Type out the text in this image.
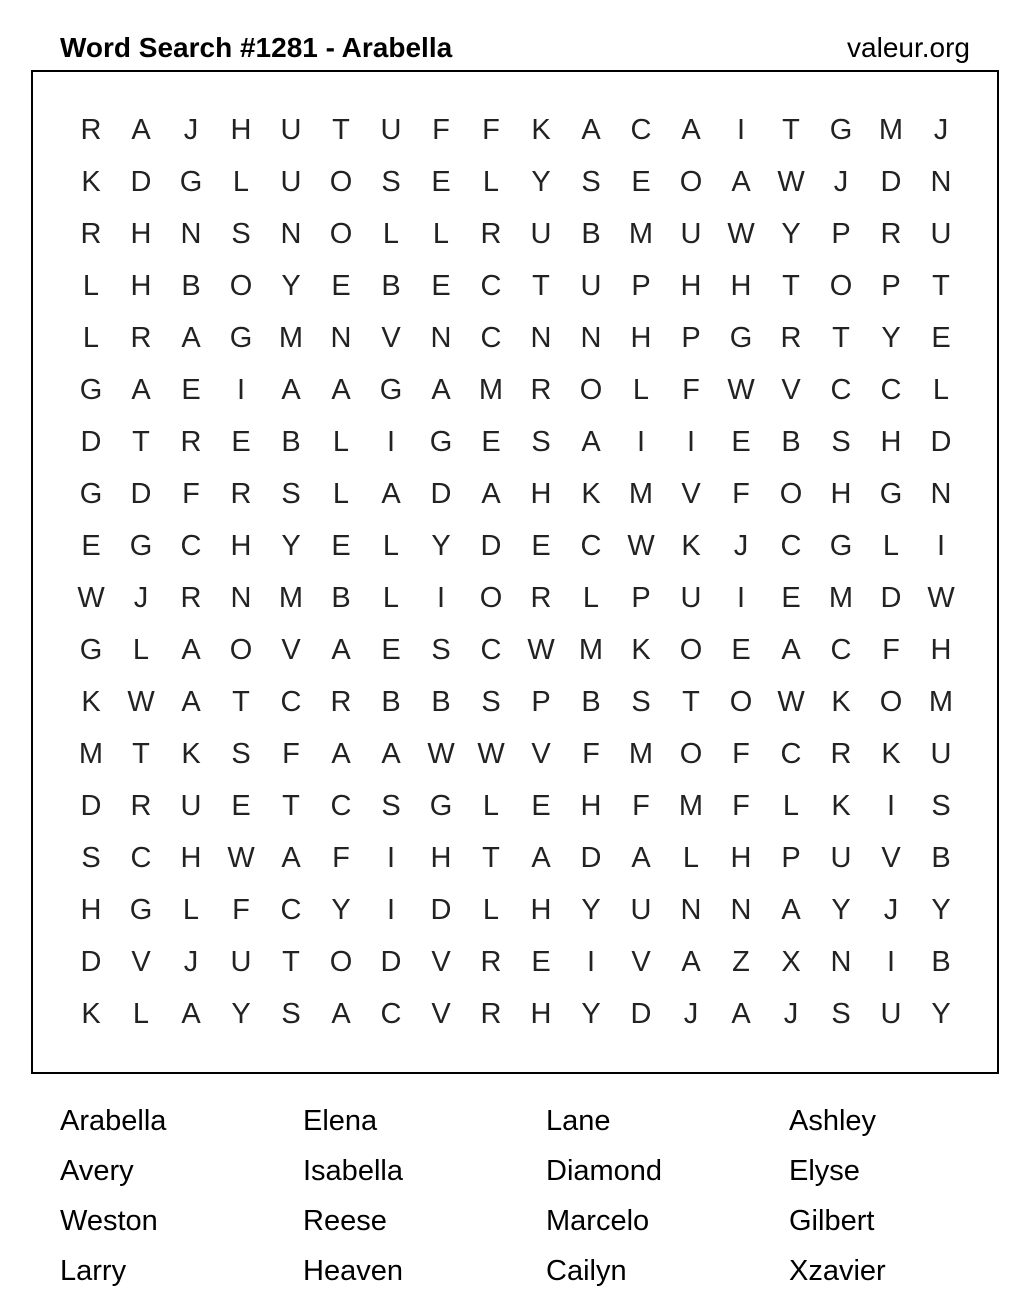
Word Search #1281 - Arabella	valeur.org
R	A	J	H	U	T	U	F	F	K	A	C	A	I	T	G M	J
K	D G	L	U O	S	E	L	Y	S	E	O	A W	J	D	N
R	H	N	S	N O	L	L	R	U	B M U W Y	P	R	U
L	H	B	O	Y	E	B	E	C	T	U	P	H	H	T	O	P	T
L	R	A	G M N	V	N	C	N	N	H	P	G R	T	Y	E
G	A	E	I	A	A	G	A M R O	L	F W V	C	C	L
D	T	R	E	B	L	I	G	E	S	A	I	I	E	B	S	H	D
G D	F	R	S	L	A	D	A	H	K M V	F	O H G N
E	G C	H	Y	E	L	Y	D	E	C W K	J	C G	L	I
W	J	R	N M B	L	I	O R	L	P	U	I	E M D W
G	L	A	O	V	A	E	S	C W M K	O	E	A	C	F	H
K W A	T	C	R	B	B	S	P	B	S	T	O W K	O M
M	T	K	S	F	A	A W W V	F	M O	F	C	R	K	U
D	R	U	E	T	C	S	G	L	E	H	F	M	F	L	K	I	S
S	C	H W A	F	I	H	T	A	D	A	L	H	P	U	V	B
H G	L	F	C	Y	I	D	L	H	Y	U	N	N	A	Y	J	Y
D	V	J	U	T	O D	V	R	E	I	V	A	Z	X	N	I	B
K	L	A	Y	S	A	C	V	R	H	Y	D	J	A	J	S	U	Y
Arabella	Elena	Lane	Ashley
Avery	Isabella	Diamond	Elyse
Weston	Reese	Marcelo	Gilbert
Larry	Heaven	Cailyn	Xzavier
